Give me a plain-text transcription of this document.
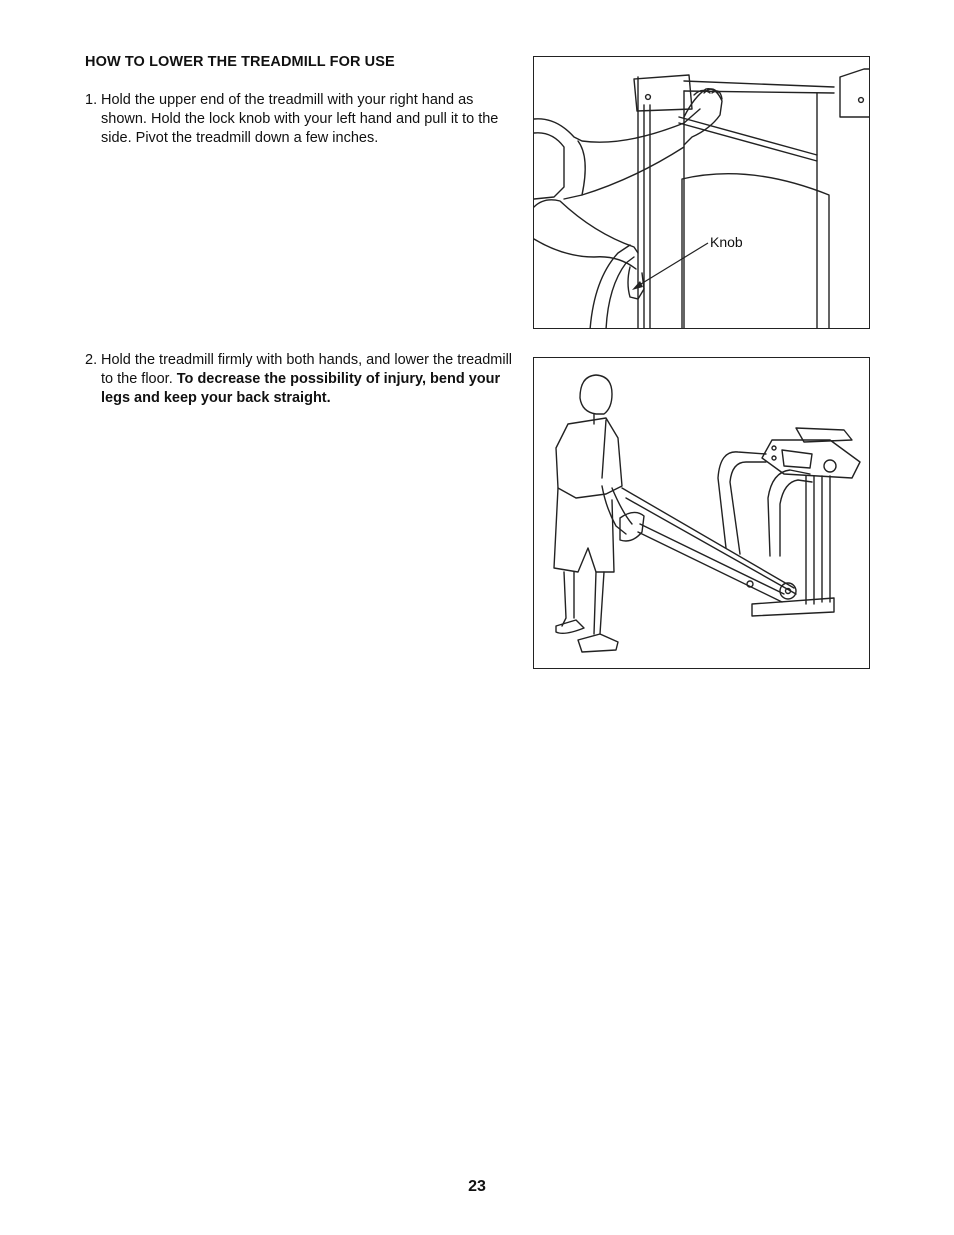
HOW TO LOWER THE TREADMILL FOR USE
1. Hold the upper end of the treadmill with your right hand as shown. Hold the lock knob with your left hand and pull it to the side. Pivot the treadmill down a few inches.
2. Hold the treadmill firmly with both hands, and lower the treadmill to the floor. To decrease the possibility of injury, bend your legs and keep your back straight.
Knob
23
